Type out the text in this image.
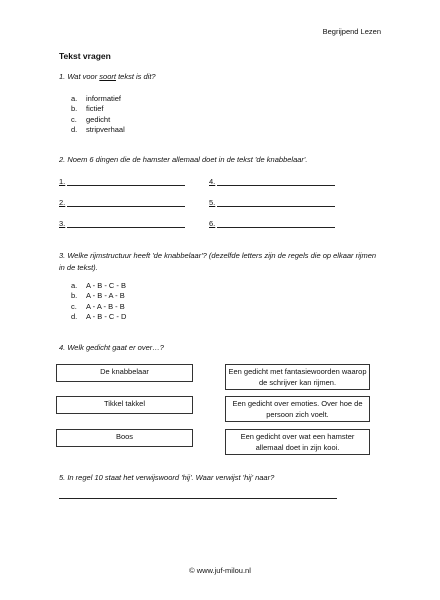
Begrijpend Lezen
Tekst vragen
1. Wat voor soort tekst is dit?
a.	informatief
b.	fictief
c.	gedicht
d.	stripverhaal
2. Noem 6 dingen die de hamster allemaal doet in de tekst 'de knabbelaar'.
1.
2.
3.
4.
5.
6.
3. Welke rijmstructuur heeft 'de knabbelaar'? (dezelfde letters zijn de regels die op elkaar rijmen in de tekst).
a.	A - B - C - B
b.	A - B - A - B
c.	A - A - B - B
d.	A - B - C - D
4. Welk gedicht gaat er over…?
De knabbelaar
Tikkel takkel
Boos
Een gedicht met fantasiewoorden waarop de schrijver kan rijmen.
Een gedicht over emoties. Over hoe de persoon zich voelt.
Een gedicht over wat een hamster allemaal doet in zijn kooi.
5. In regel 10 staat het verwijswoord 'hij'. Waar verwijst 'hij' naar?
© www.juf-milou.nl
